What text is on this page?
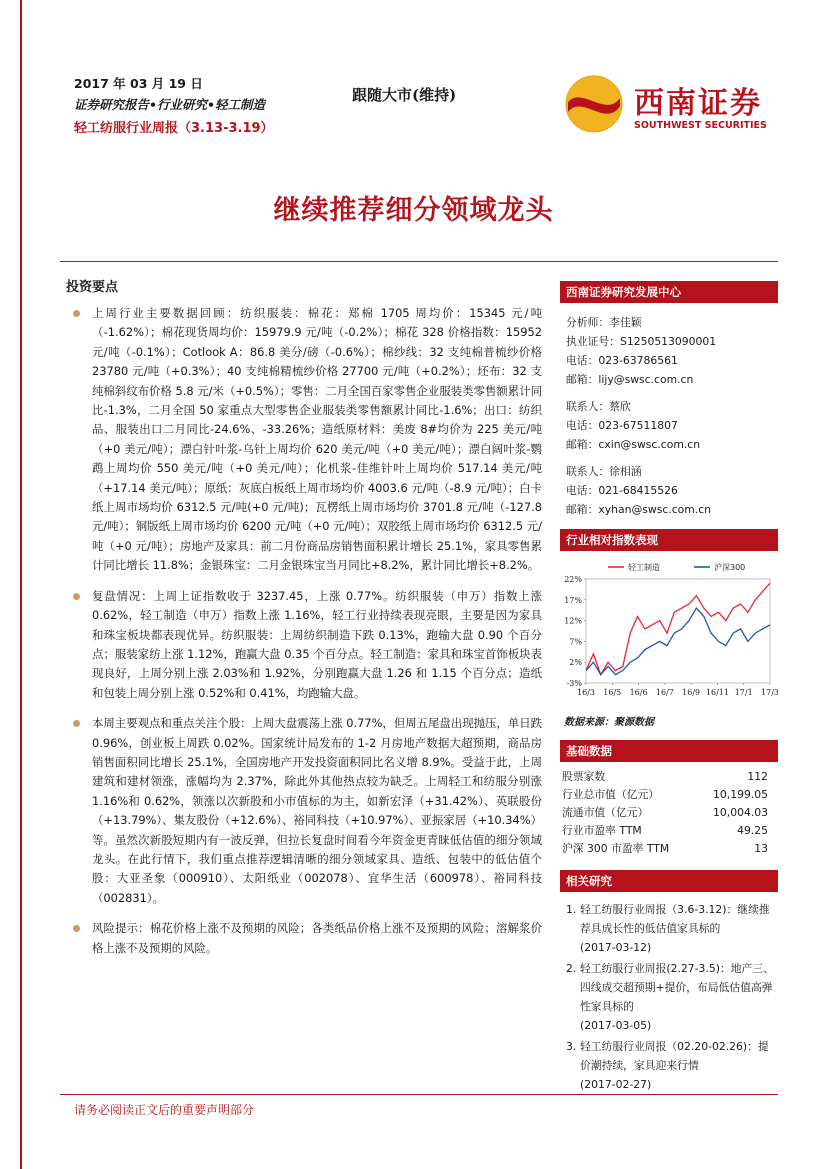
2017 年 03 月 19 日
证券研究报告•行业研究•轻工制造
轻工纺服行业周报（3.13-3.19）
跟随大市(维持)	西南证券
SOUTHWEST SECURITIES
继续推荐细分领域龙头
投资要点
上周行业主要数据回顾：纺织服装：棉花：郑棉 1705 周均价：15345 元/吨（-1.62%）；棉花现货周均价：15979.9 元/吨（-0.2%）；棉花 328 价格指数：15952 元/吨（-0.1%）；Cotlook A：86.8 美分/磅（-0.6%）；棉纱线：32 支纯棉普梳纱价格 23780 元/吨（+0.3%）；40 支纯棉精梳纱价格 27700 元/吨（+0.2%）；坯布：32 支纯棉斜纹布价格 5.8 元/米（+0.5%）；零售：二月全国百家零售企业服装类零售额累计同比-1.3%，二月全国 50 家重点大型零售企业服装类零售额累计同比-1.6%；出口：纺织品、服装出口二月同比-24.6%、-33.26%；造纸原材料：美废 8#均价为 225 美元/吨（+0 美元/吨）；漂白针叶浆-乌针上周均价 620 美元/吨（+0 美元/吨）；漂白阔叶浆-鹦鹉上周均价 550 美元/吨（+0 美元/吨）；化机浆-佳维针叶上周均价 517.14 美元/吨（+17.14 美元/吨）；原纸：灰底白板纸上周市场均价 4003.6 元/吨（-8.9 元/吨）；白卡纸上周市场均价 6312.5 元/吨(+0 元/吨)；瓦楞纸上周市场均价 3701.8 元/吨（-127.8 元/吨）；铜版纸上周市场均价 6200 元/吨（+0 元/吨）；双胶纸上周市场均价 6312.5 元/吨（+0 元/吨）；房地产及家具：前二月份商品房销售面积累计增长 25.1%，家具零售累计同比增长 11.8%；金银珠宝：二月金银珠宝当月同比+8.2%，累计同比增长+8.2%。
复盘情况：上周上证指数收于 3237.45，上涨 0.77%。纺织服装（申万）指数上涨 0.62%，轻工制造（申万）指数上涨 1.16%，轻工行业持续表现亮眼，主要是因为家具和珠宝板块都表现优异。纺织服装：上周纺织制造下跌 0.13%，跑输大盘 0.90 个百分点；服装家纺上涨 1.12%，跑赢大盘 0.35 个百分点。轻工制造：家具和珠宝首饰板块表现良好，上周分别上涨 2.03%和 1.92%，分别跑赢大盘 1.26 和 1.15 个百分点；造纸和包装上周分别上涨 0.52%和 0.41%，均跑输大盘。
本周主要观点和重点关注个股：上周大盘震荡上涨 0.77%，但周五尾盘出现抛压，单日跌 0.96%，创业板上周跌 0.02%。国家统计局发布的 1-2 月房地产数据大超预期，商品房销售面积同比增长 25.1%，全国房地产开发投资面积同比名义增 8.9%。受益于此，上周建筑和建材领涨，涨幅均为 2.37%，除此外其他热点较为缺乏。上周轻工和纺服分别涨 1.16%和 0.62%，领涨以次新股和小市值标的为主，如新宏泽（+31.42%）、英联股份（+13.79%）、集友股份（+12.6%）、裕同科技（+10.97%）、亚振家居（+10.34%）等。虽然次新股短期内有一波反弹，但拉长复盘时间看今年资金更青睐低估值的细分领域龙头。在此行情下，我们重点推荐逻辑清晰的细分领域家具、造纸、包装中的低估值个股：大亚圣象（000910）、太阳纸业（002078）、宜华生活（600978）、裕同科技（002831）。
风险提示：棉花价格上涨不及预期的风险；各类纸品价格上涨不及预期的风险；溶解浆价格上涨不及预期的风险。
西南证券研究发展中心
分析师：李佳颖
执业证号：S1250513090001
电话：023-63786561
邮箱：lijy@swsc.com.cn
联系人：蔡欣
电话：023-67511807
邮箱：cxin@swsc.com.cn
联系人：徐相涵
电话：021-68415526
邮箱：xyhan@swsc.com.cn
行业相对指数表现
22%
17%
12%
7%
2%
-3%
16/3 16/5 16/6 16/7 16/9 16/11 17/1 17/3
轻工制造	沪深300
数据来源：聚源数据
基础数据
股票家数	112
行业总市值（亿元）	10,199.05
流通市值（亿元）	10,004.03
行业市盈率 TTM	49.25
沪深 300 市盈率 TTM	13
相关研究
1. 轻工纺服行业周报（3.6-3.12)：继续推荐具成长性的低估值家具标的
(2017-03-12)
2. 轻工纺服行业周报(2.27-3.5)：地产三、四线成交超预期+提价，布局低估值高弹性家具标的
(2017-03-05)
3. 轻工纺服行业周报（02.20-02.26)：提价潮持续，家具迎来行情
(2017-02-27)
请务必阅读正文后的重要声明部分
